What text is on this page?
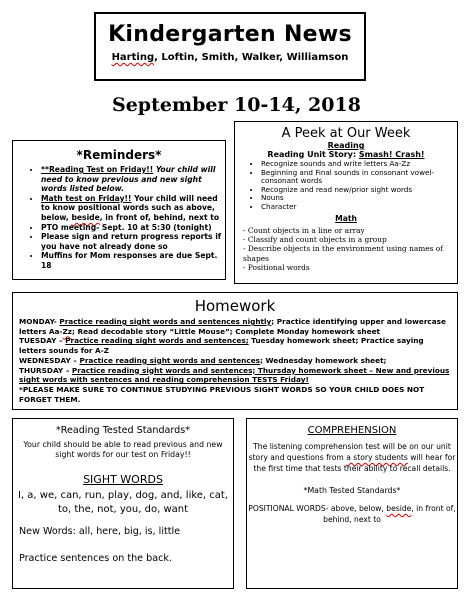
Kindergarten News
Harting, Loftin, Smith, Walker, Williamson
September 10-14, 2018
*Reminders*
• **Reading Test on Friday!! Your child will need to know previous and new sight words listed below.
• Math test on Friday!! Your child will need to know positional words such as above, below, beside, in front of, behind, next to
• PTO meeting- Sept. 10 at 5:30 (tonight)
• Please sign and return progress reports if you have not already done so
• Muffins for Mom responses are due Sept. 18
A Peek at Our Week
Reading
Reading Unit Story: Smash! Crash!
• Recognize sounds and write letters Aa-Zz
• Beginning and Final sounds in consonant vowel-consonant words
• Recognize and read new/prior sight words
• Nouns
• Character
Math
- Count objects in a line or array
- Classify and count objects in a group
- Describe objects in the environment using names of shapes
- Positional words
Homework
MONDAY- Practice reading sight words and sentences nightly; Practice identifying upper and lowercase letters Aa-Zz; Read decodable story “Little Mouse”; Complete Monday homework sheet
TUESDAY – Practice reading sight words and sentences; Tuesday homework sheet; Practice saying letters sounds for A-Z
WEDNESDAY – Practice reading sight words and sentences; Wednesday homework sheet;
THURSDAY – Practice reading sight words and sentences; Thursday homework sheet – New and previous sight words with sentences and reading comprehension TESTS Friday!
*PLEASE MAKE SURE TO CONTINUE STUDYING PREVIOUS SIGHT WORDS SO YOUR CHILD DOES NOT FORGET THEM.
*Reading Tested Standards*
Your child should be able to read previous and new sight words for our test on Friday!!
SIGHT WORDS
I, a, we, can, run, play, dog, and, like, cat, to, the, not, you, do, want
New Words: all, here, big, is, little
Practice sentences on the back.
COMPREHENSION
The listening comprehension test will be on our unit story and questions from a story students will hear for the first time that tests their ability to recall details.
*Math Tested Standards*
POSITIONAL WORDS- above, below, beside, in front of, behind, next to
